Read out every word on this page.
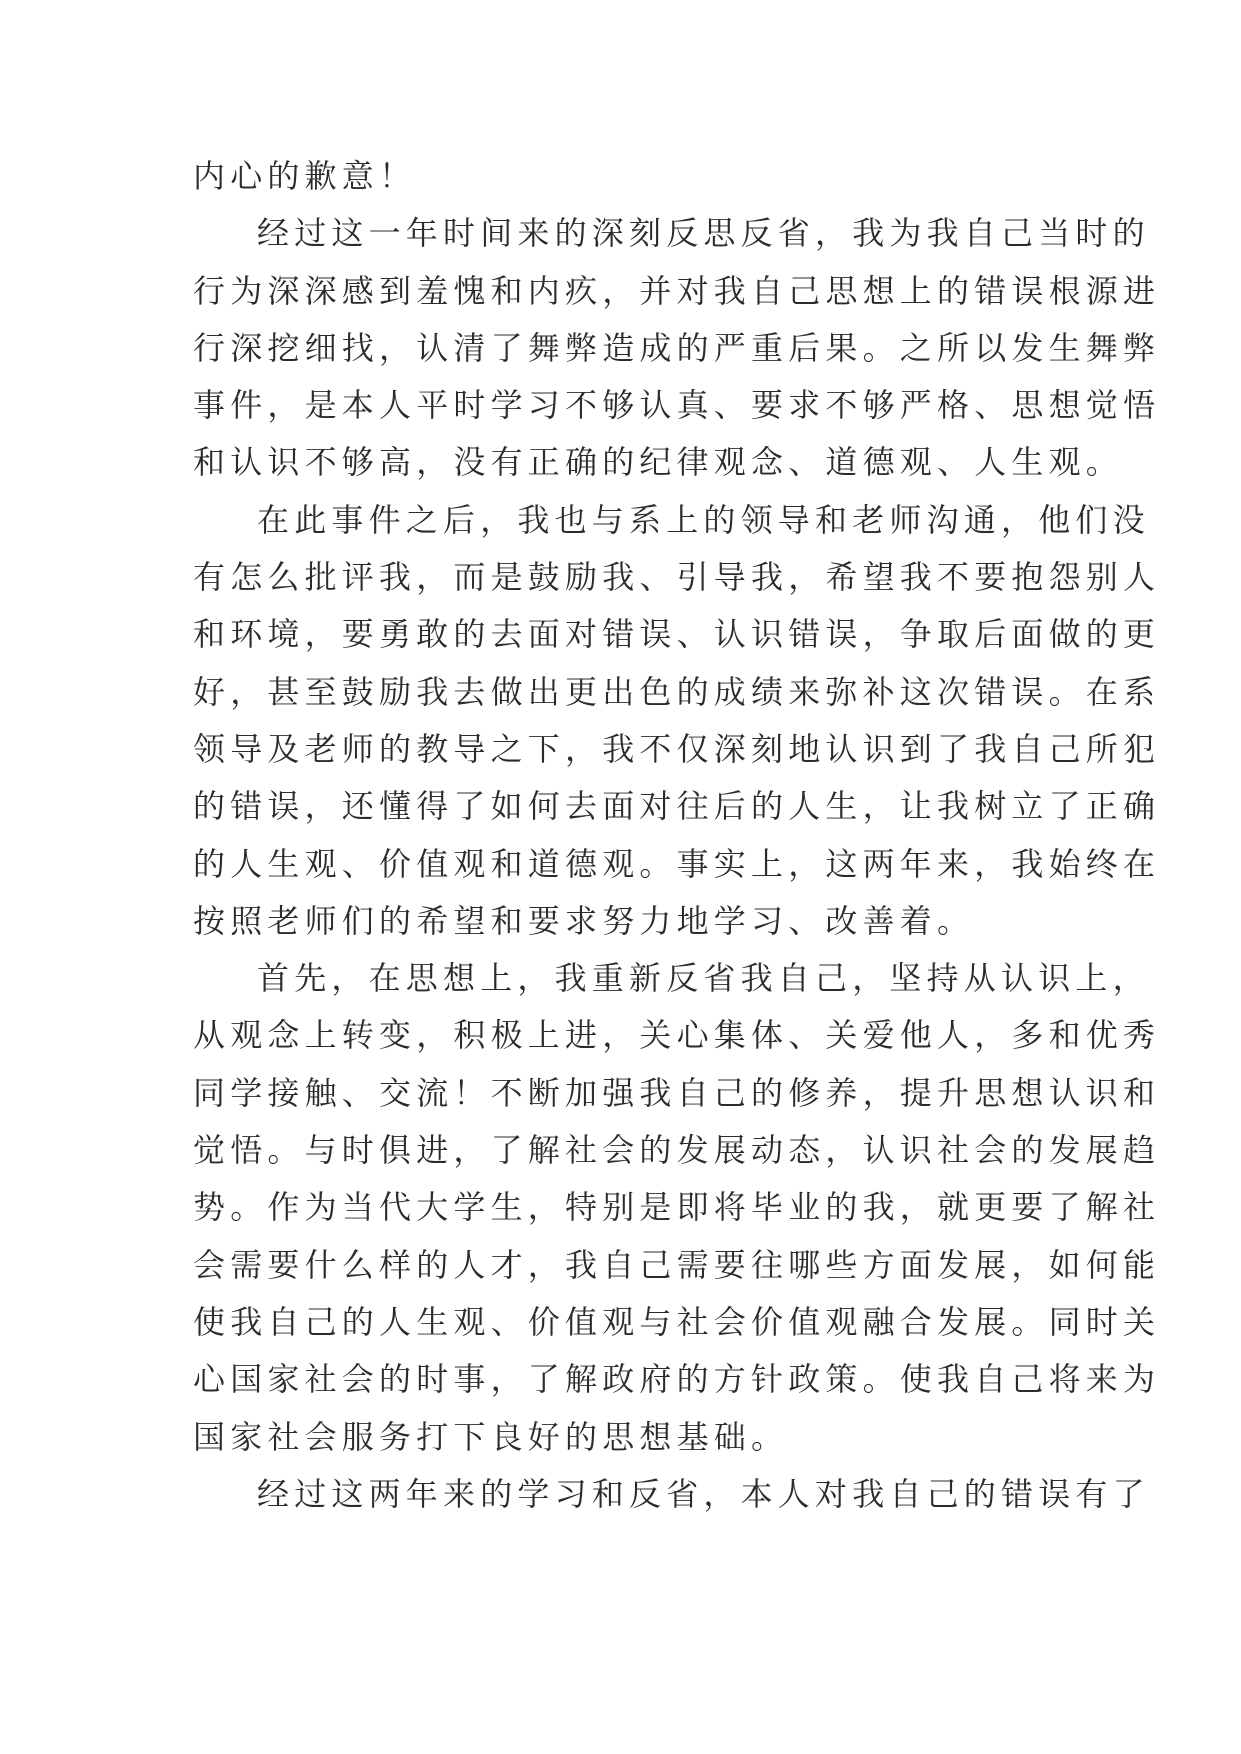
内心的歉意！
经过这一年时间来的深刻反思反省，我为我自己当时的
行为深深感到羞愧和内疚，并对我自己思想上的错误根源进
行深挖细找，认清了舞弊造成的严重后果。之所以发生舞弊
事件，是本人平时学习不够认真、要求不够严格、思想觉悟
和认识不够高，没有正确的纪律观念、道德观、人生观。
在此事件之后，我也与系上的领导和老师沟通，他们没
有怎么批评我，而是鼓励我、引导我，希望我不要抱怨别人
和环境，要勇敢的去面对错误、认识错误，争取后面做的更
好，甚至鼓励我去做出更出色的成绩来弥补这次错误。在系
领导及老师的教导之下，我不仅深刻地认识到了我自己所犯
的错误，还懂得了如何去面对往后的人生，让我树立了正确
的人生观、价值观和道德观。事实上，这两年来，我始终在
按照老师们的希望和要求努力地学习、改善着。
首先，在思想上，我重新反省我自己，坚持从认识上，
从观念上转变，积极上进，关心集体、关爱他人，多和优秀
同学接触、交流！不断加强我自己的修养，提升思想认识和
觉悟。与时俱进，了解社会的发展动态，认识社会的发展趋
势。作为当代大学生，特别是即将毕业的我，就更要了解社
会需要什么样的人才，我自己需要往哪些方面发展，如何能
使我自己的人生观、价值观与社会价值观融合发展。同时关
心国家社会的时事，了解政府的方针政策。使我自己将来为
国家社会服务打下良好的思想基础。
经过这两年来的学习和反省，本人对我自己的错误有了
